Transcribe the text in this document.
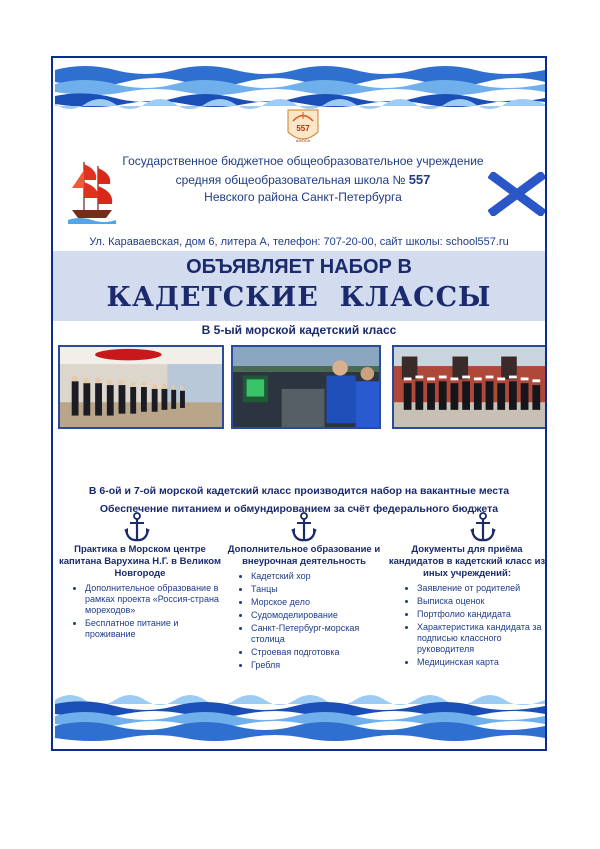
557
ШКОЛА
Государственное бюджетное общеобразовательное учреждение
средняя общеобразовательная школа № 557
Невского района Санкт-Петербурга
Ул. Караваевская, дом 6, литера А, телефон: 707-20-00, сайт школы: school557.ru
ОБЪЯВЛЯЕТ НАБОР В
КАДЕТСКИЕ  КЛАССЫ
В 5-ый морской кадетский класс
В 6-ой и 7-ой морской кадетский класс производится набор на вакантные места
Обеспечение питанием и обмундированием за счёт федерального бюджета
Практика в Морском центре капитана Варухина Н.Г. в Великом Новгороде
• Дополнительное образование в рамках проекта «Россия-страна мореходов»
• Бесплатное питание и проживание
Дополнительное образование и внеурочная деятельность
• Кадетский хор
• Танцы
• Морское дело
• Судомоделирование
• Санкт-Петербург-морская столица
• Строевая подготовка
• Гребля
Документы для приёма кандидатов в кадетский класс из иных учреждений:
• Заявление от родителей
• Выписка оценок
• Портфолио кандидата
• Характеристика кандидата за подписью классного руководителя
• Медицинская карта
